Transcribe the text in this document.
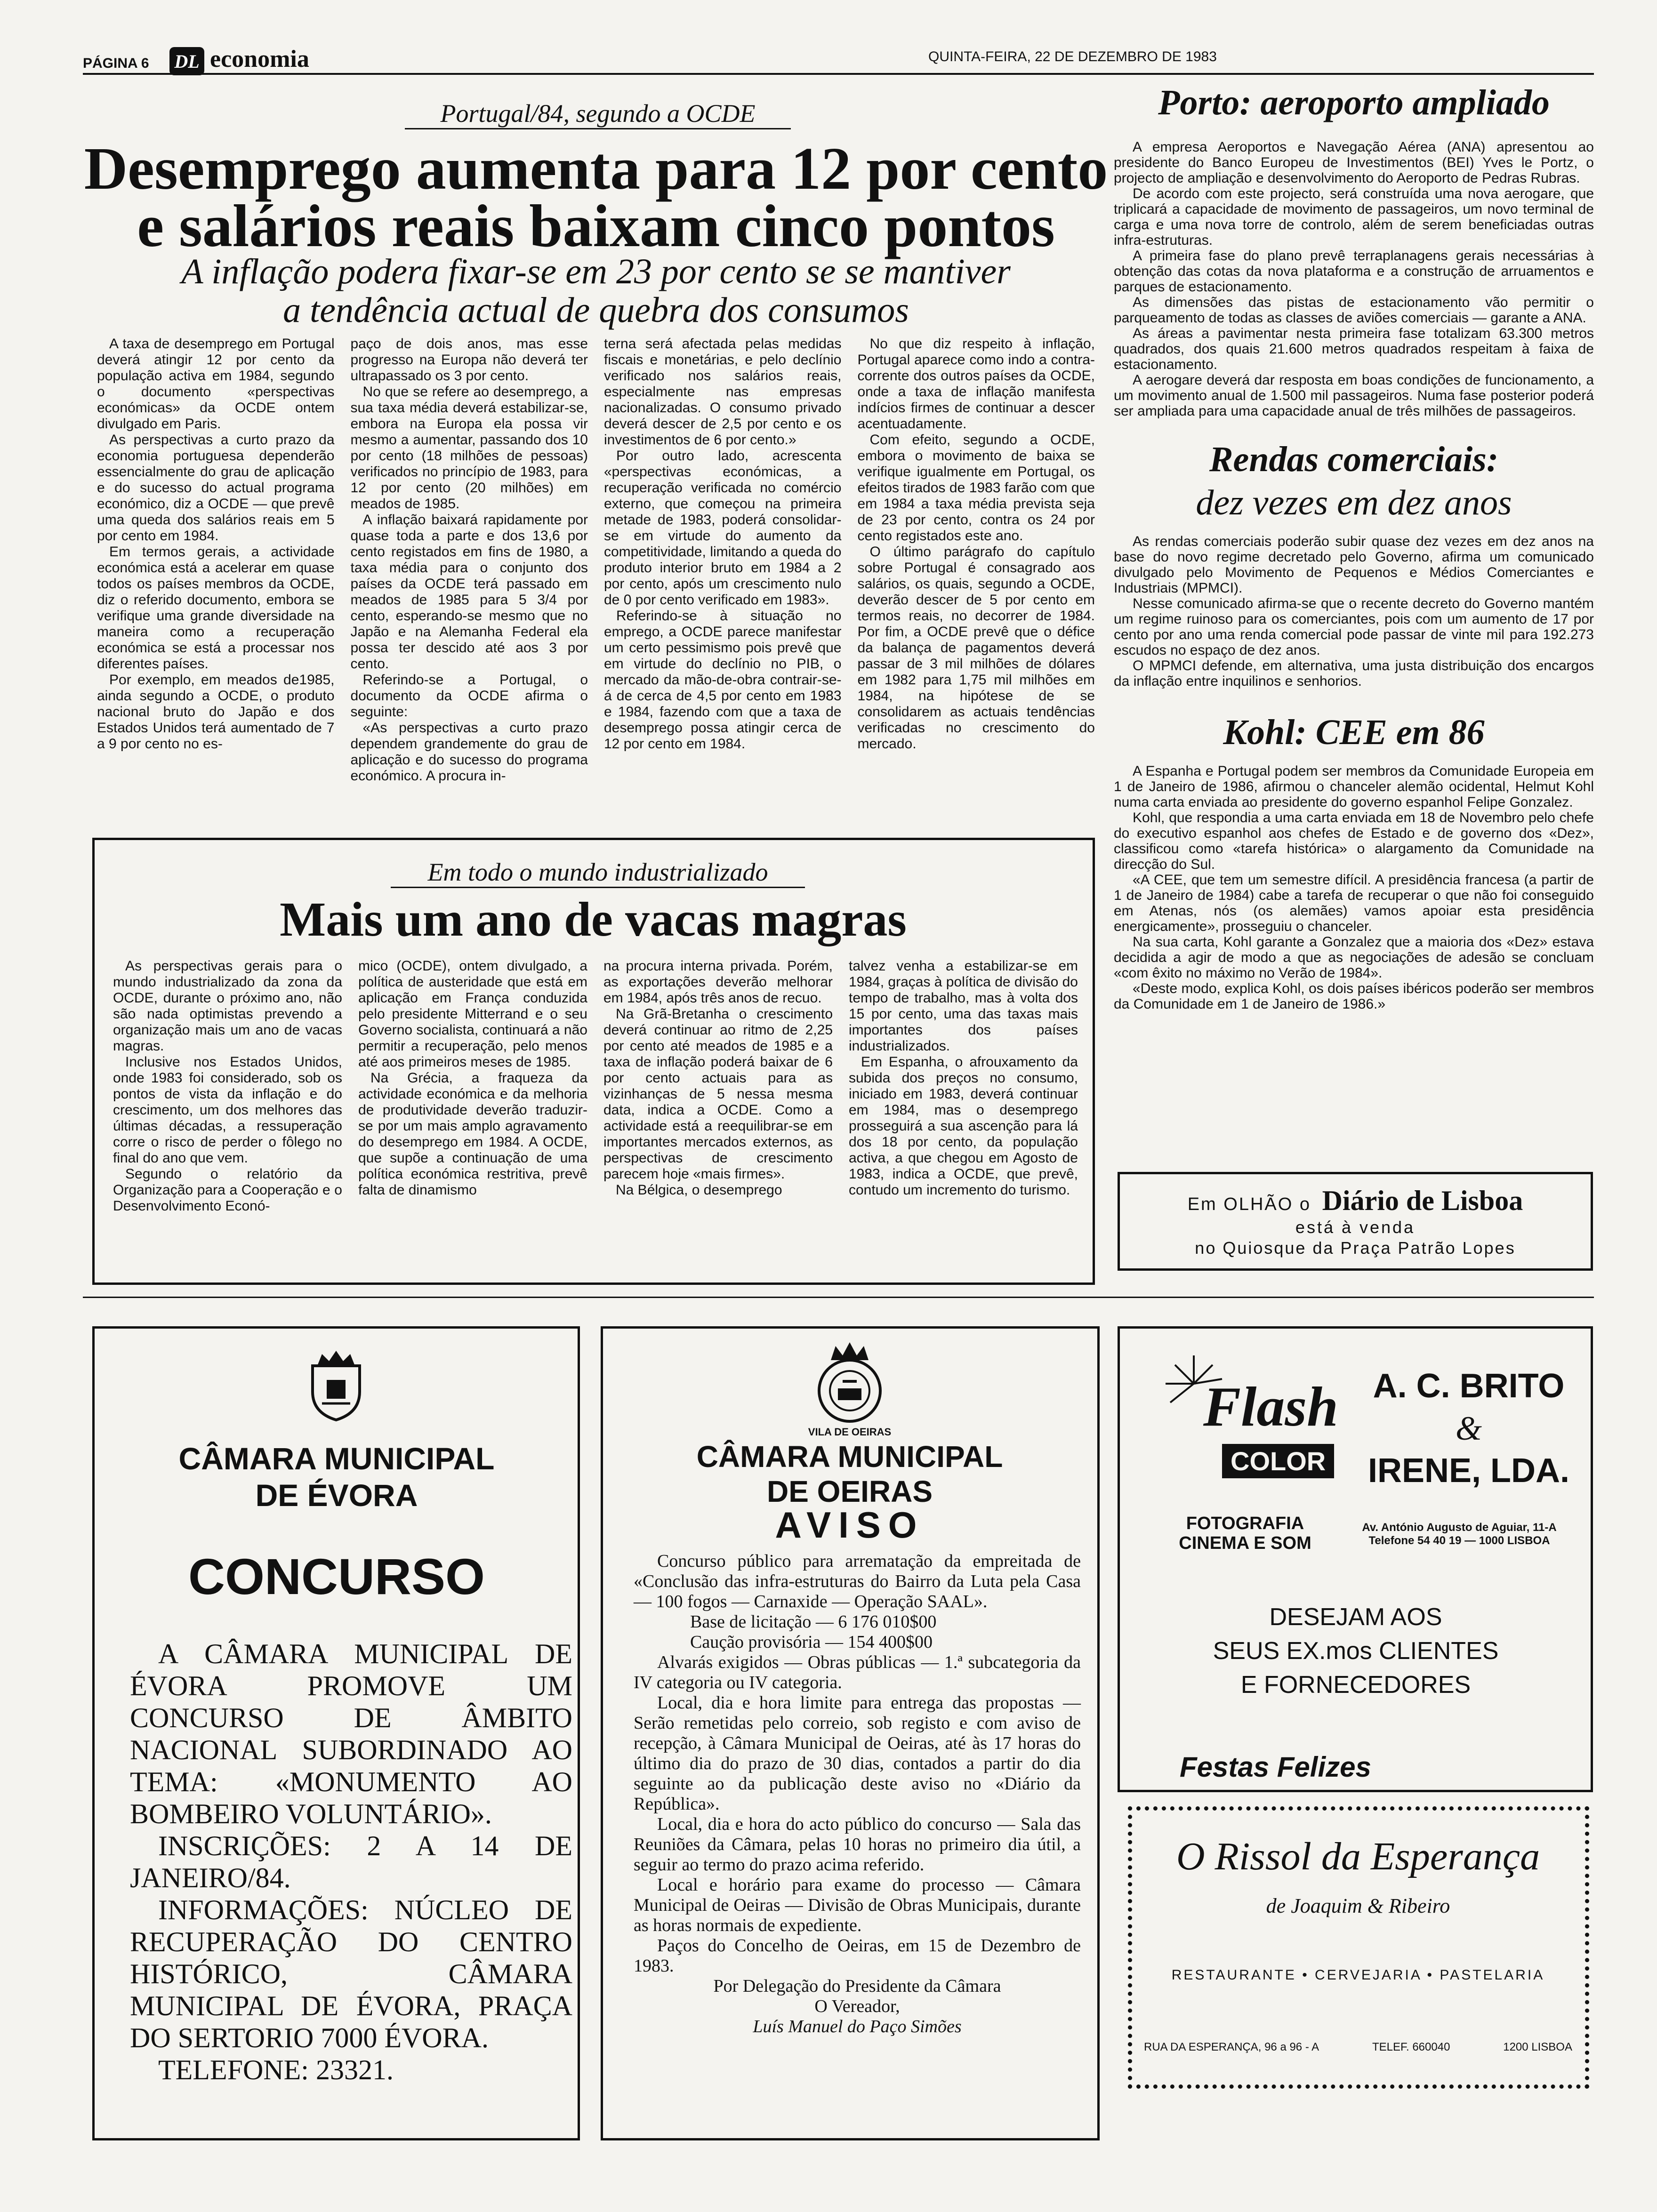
PÁGINA 6 DL economia	QUINTA-FEIRA, 22 DE DEZEMBRO DE 1983
Portugal/84, segundo a OCDE
Desemprego aumenta para 12 por cento
e salários reais baixam cinco pontos
A inflação podera fixar-se em 23 por cento se se mantiver
a tendência actual de quebra dos consumos

A taxa de desemprego em Portugal deverá atingir 12 por cento da população activa em 1984, segundo o documento «perspectivas económicas» da OCDE ontem divulgado em Paris.

As perspectivas a curto prazo da economia portuguesa dependerão essencialmente do grau de aplicação e do sucesso do actual programa económico, diz a OCDE — que prevê uma queda dos salários reais em 5 por cento em 1984.

Em termos gerais, a actividade económica está a acelerar em quase todos os países membros da OCDE, diz o referido documento, embora se verifique uma grande diversidade na maneira como a recuperação económica se está a processar nos diferentes países.

Por exemplo, em meados de1985, ainda segundo a OCDE, o produto nacional bruto do Japão e dos Estados Unidos terá aumentado de 7 a 9 por cento no es-

paço de dois anos, mas esse progresso na Europa não deverá ter ultrapassado os 3 por cento.

No que se refere ao desemprego, a sua taxa média deverá estabilizar-se, embora na Europa ela possa vir mesmo a aumentar, passando dos 10 por cento (18 milhões de pessoas) verificados no princípio de 1983, para 12 por cento (20 milhões) em meados de 1985.

A inflação baixará rapidamente por quase toda a parte e dos 13,6 por cento registados em fins de 1980, a taxa média para o conjunto dos países da OCDE terá passado em meados de 1985 para 5 3/4 por cento, esperando-se mesmo que no Japão e na Alemanha Federal ela possa ter descido até aos 3 por cento.

Referindo-se a Portugal, o documento da OCDE afirma o seguinte:

«As perspectivas a curto prazo dependem grandemente do grau de aplicação e do sucesso do programa económico. A procura in-

terna será afectada pelas medidas fiscais e monetárias, e pelo declínio verificado nos salários reais, especialmente nas empresas nacionalizadas. O consumo privado deverá descer de 2,5 por cento e os investimentos de 6 por cento.»

Por outro lado, acrescenta «perspectivas económicas, a recuperação verificada no comércio externo, que começou na primeira metade de 1983, poderá consolidar-se em virtude do aumento da competitividade, limitando a queda do produto interior bruto em 1984 a 2 por cento, após um crescimento nulo de 0 por cento verificado em 1983».

Referindo-se à situação no emprego, a OCDE parece manifestar um certo pessimismo pois prevê que em virtude do declínio no PIB, o mercado da mão-de-obra contrair-se-á de cerca de 4,5 por cento em 1983 e 1984, fazendo com que a taxa de desemprego possa atingir cerca de 12 por cento em 1984.

No que diz respeito à inflação, Portugal aparece como indo a contra-corrente dos outros países da OCDE, onde a taxa de inflação manifesta indícios firmes de continuar a descer acentuadamente.

Com efeito, segundo a OCDE, embora o movimento de baixa se verifique igualmente em Portugal, os efeitos tirados de 1983 farão com que em 1984 a taxa média prevista seja de 23 por cento, contra os 24 por cento registados este ano.

O último parágrafo do capítulo sobre Portugal é consagrado aos salários, os quais, segundo a OCDE, deverão descer de 5 por cento em termos reais, no decorrer de 1984. Por fim, a OCDE prevê que o défice da balança de pagamentos deverá passar de 3 mil milhões de dólares em 1982 para 1,75 mil milhões em 1984, na hipótese de se consolidarem as actuais tendências verificadas no crescimento do mercado.

Em todo o mundo industrializado
Mais um ano de vacas magras

As perspectivas gerais para o mundo industrializado da zona da OCDE, durante o próximo ano, não são nada optimistas prevendo a organização mais um ano de vacas magras.

Inclusive nos Estados Unidos, onde 1983 foi considerado, sob os pontos de vista da inflação e do crescimento, um dos melhores das últimas décadas, a ressuperação corre o risco de perder o fôlego no final do ano que vem.

Segundo o relatório da Organização para a Cooperação e o Desenvolvimento Econó-

mico (OCDE), ontem divulgado, a política de austeridade que está em aplicação em França conduzida pelo presidente Mitterrand e o seu Governo socialista, continuará a não permitir a recuperação, pelo menos até aos primeiros meses de 1985.

Na Grécia, a fraqueza da actividade económica e da melhoria de produtividade deverão traduzir-se por um mais amplo agravamento do desemprego em 1984. A OCDE, que supõe a continuação de uma política económica restritiva, prevê falta de dinamismo

na procura interna privada. Porém, as exportações deverão melhorar em 1984, após três anos de recuo.

Na Grã-Bretanha o crescimento deverá continuar ao ritmo de 2,25 por cento até meados de 1985 e a taxa de inflação poderá baixar de 6 por cento actuais para as vizinhanças de 5 nessa mesma data, indica a OCDE. Como a actividade está a reequilibrar-se em importantes mercados externos, as perspectivas de crescimento parecem hoje «mais firmes».

Na Bélgica, o desemprego

talvez venha a estabilizar-se em 1984, graças à política de divisão do tempo de trabalho, mas à volta dos 15 por cento, uma das taxas mais importantes dos países industrializados.

Em Espanha, o afrouxamento da subida dos preços no consumo, iniciado em 1983, deverá continuar em 1984, mas o desemprego prosseguirá a sua ascenção para lá dos 18 por cento, da população activa, a que chegou em Agosto de 1983, indica a OCDE, que prevê, contudo um incremento do turismo.

Porto: aeroporto ampliado

A empresa Aeroportos e Navegação Aérea (ANA) apresentou ao presidente do Banco Europeu de Investimentos (BEI) Yves le Portz, o projecto de ampliação e desenvolvimento do Aeroporto de Pedras Rubras.

De acordo com este projecto, será construída uma nova aerogare, que triplicará a capacidade de movimento de passageiros, um novo terminal de carga e uma nova torre de controlo, além de serem beneficiadas outras infra-estruturas.

A primeira fase do plano prevê terraplanagens gerais necessárias à obtenção das cotas da nova plataforma e a construção de arruamentos e parques de estacionamento.

As dimensões das pistas de estacionamento vão permitir o parqueamento de todas as classes de aviões comerciais — garante a ANA.

As áreas a pavimentar nesta primeira fase totalizam 63.300 metros quadrados, dos quais 21.600 metros quadrados respeitam à faixa de estacionamento.

A aerogare deverá dar resposta em boas condições de funcionamento, a um movimento anual de 1.500 mil passageiros. Numa fase posterior poderá ser ampliada para uma capacidade anual de três milhões de passageiros.

Rendas comerciais:
dez vezes em dez anos

As rendas comerciais poderão subir quase dez vezes em dez anos na base do novo regime decretado pelo Governo, afirma um comunicado divulgado pelo Movimento de Pequenos e Médios Comerciantes e Industriais (MPMCI).

Nesse comunicado afirma-se que o recente decreto do Governo mantém um regime ruinoso para os comerciantes, pois com um aumento de 17 por cento por ano uma renda comercial pode passar de vinte mil para 192.273 escudos no espaço de dez anos.

O MPMCI defende, em alternativa, uma justa distribuição dos encargos da inflação entre inquilinos e senhorios.

Kohl: CEE em 86

A Espanha e Portugal podem ser membros da Comunidade Europeia em 1 de Janeiro de 1986, afirmou o chanceler alemão ocidental, Helmut Kohl numa carta enviada ao presidente do governo espanhol Felipe Gonzalez.

Kohl, que respondia a uma carta enviada em 18 de Novembro pelo chefe do executivo espanhol aos chefes de Estado e de governo dos «Dez», classificou como «tarefa histórica» o alargamento da Comunidade na direcção do Sul.

«A CEE, que tem um semestre difícil. A presidência francesa (a partir de 1 de Janeiro de 1984) cabe a tarefa de recuperar o que não foi conseguido em Atenas, nós (os alemães) vamos apoiar esta presidência energicamente», prosseguiu o chanceler.

Na sua carta, Kohl garante a Gonzalez que a maioria dos «Dez» estava decidida a agir de modo a que as negociações de adesão se concluam «com êxito no máximo no Verão de 1984».

«Deste modo, explica Kohl, os dois países ibéricos poderão ser membros da Comunidade em 1 de Janeiro de 1986.»

Em OLHÃO o Diário de Lisboa
está à venda
no Quiosque da Praça Patrão Lopes
CÂMARA MUNICIPAL
DE ÉVORA
CONCURSO

A CÂMARA MUNICIPAL DE ÉVORA PROMOVE UM CONCURSO DE ÂMBITO NACIONAL SUBORDINADO AO TEMA: «MONUMENTO AO BOMBEIRO VOLUNTÁRIO».

INSCRIÇÕES: 2 A 14 DE JANEIRO/84.

INFORMAÇÕES: NÚCLEO DE RECUPERAÇÃO DO CENTRO HISTÓRICO, CÂMARA MUNICIPAL DE ÉVORA, PRAÇA DO SERTORIO 7000 ÉVORA.

TELEFONE: 23321.

VILA DE OEIRAS
CÂMARA MUNICIPAL
DE OEIRAS
AVISO

Concurso público para arrematação da empreitada de «Conclusão das infra-estruturas do Bairro da Luta pela Casa — 100 fogos — Carnaxide — Operação SAAL».

Base de licitação — 6 176 010$00

Caução provisória — 154 400$00

Alvarás exigidos — Obras públicas — 1.ª subcategoria da IV categoria ou IV categoria.

Local, dia e hora limite para entrega das propostas — Serão remetidas pelo correio, sob registo e com aviso de recepção, à Câmara Municipal de Oeiras, até às 17 horas do último dia do prazo de 30 dias, contados a partir do dia seguinte ao da publicação deste aviso no «Diário da República».

Local, dia e hora do acto público do concurso — Sala das Reuniões da Câmara, pelas 10 horas no primeiro dia útil, a seguir ao termo do prazo acima referido.

Local e horário para exame do processo — Câmara Municipal de Oeiras — Divisão de Obras Municipais, durante as horas normais de expediente.

Paços do Concelho de Oeiras, em 15 de Dezembro de 1983.

Por Delegação do Presidente da Câmara
O Vereador,
Luís Manuel do Paço Simões
Flash
COLOR
A. C. BRITO
&
IRENE, LDA.
FOTOGRAFIA
CINEMA E SOM
Av. António Augusto de Aguiar, 11-A
Telefone 54 40 19 — 1000 LISBOA
DESEJAM AOS
SEUS EX.mos CLIENTES
E FORNECEDORES
Festas Felizes
O Rissol da Esperança
de Joaquim & Ribeiro
RESTAURANTE • CERVEJARIA • PASTELARIA
RUA DA ESPERANÇA, 96 a 96 - A	TELEF. 660040	1200 LISBOA
